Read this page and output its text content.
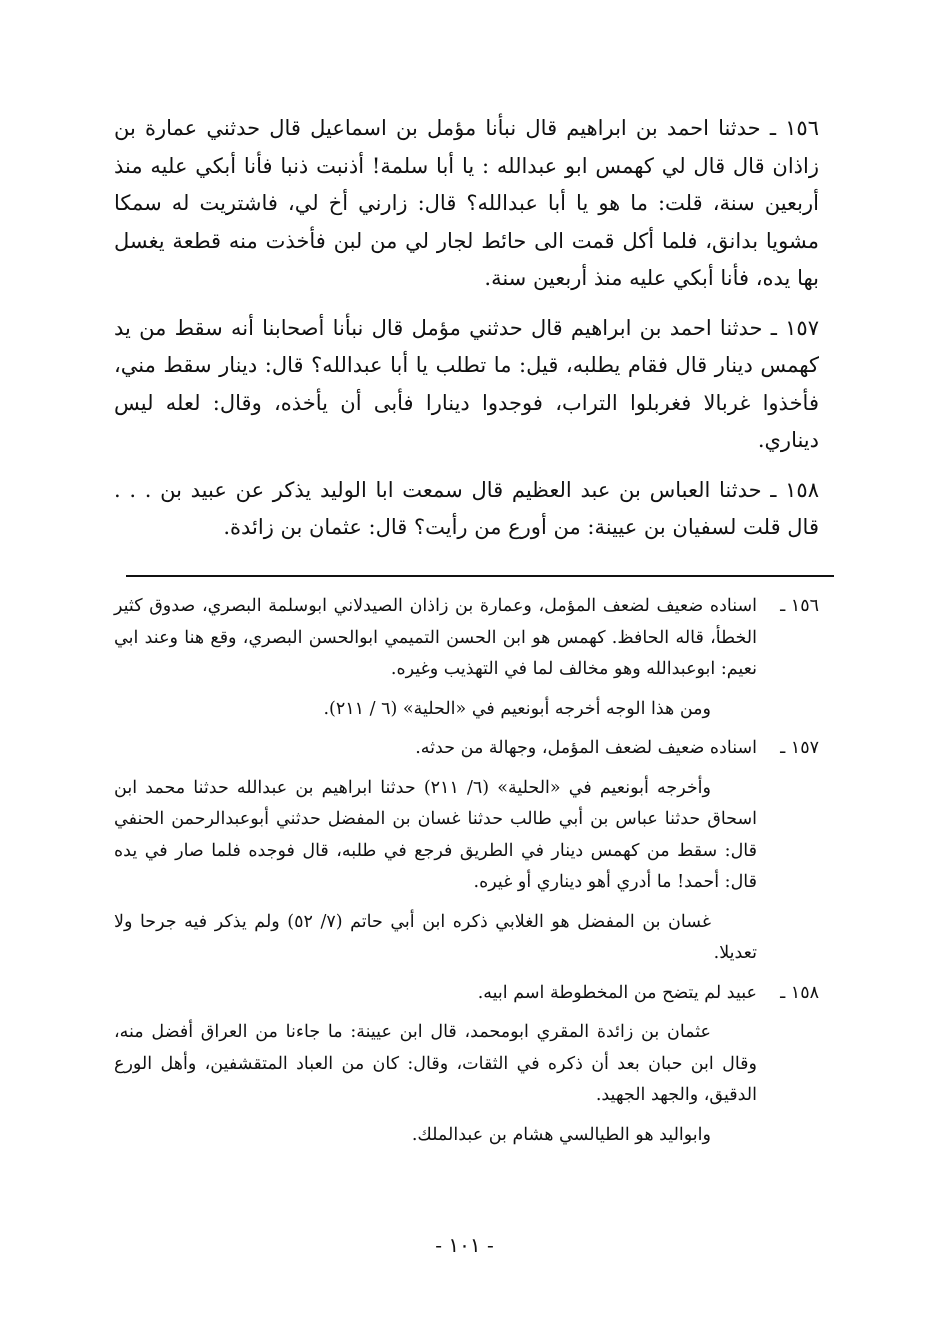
١٥٦ ـ حدثنا احمد بن ابراهيم قال نبأنا مؤمل بن اسماعيل قال حدثني عمارة بن زاذان قال قال لي كهمس ابو عبدالله : يا أبا سلمة! أذنبت ذنبا فأنا أبكي عليه منذ أربعين سنة، قلت: ما هو يا أبا عبدالله؟ قال: زارني أخ لي، فاشتريت له سمكا مشويا بدانق، فلما أكل قمت الى حائط لجار لي من لبن فأخذت منه قطعة يغسل بها يده، فأنا أبكي عليه منذ أربعين سنة.

١٥٧ ـ حدثنا احمد بن ابراهيم قال حدثني مؤمل قال نبأنا أصحابنا أنه سقط من يد كهمس دينار قال فقام يطلبه، قيل: ما تطلب يا أبا عبدالله؟ قال: دينار سقط مني، فأخذوا غربالا فغربلوا التراب، فوجدوا دينارا فأبى أن يأخذه، وقال: لعله ليس ديناري.

١٥٨ ـ حدثنا العباس بن عبد العظيم قال سمعت ابا الوليد يذكر عن عبيد بن . . . قال قلت لسفيان بن عيينة: من أورع من رأيت؟ قال: عثمان بن زائدة.

١٥٦ ـ
اسناده ضعيف لضعف المؤمل، وعمارة بن زاذان الصيدلاني ابوسلمة البصري، صدوق كثير الخطأ، قاله الحافظ. كهمس هو ابن الحسن التميمي ابوالحسن البصري، وقع هنا وعند ابي نعيم: ابوعبدالله وهو مخالف لما في التهذيب وغيره.
ومن هذا الوجه أخرجه أبونعيم في «الحلية» (٦ / ٢١١).
١٥٧ ـ
اسناده ضعيف لضعف المؤمل، وجهالة من حدثه.
وأخرجه أبونعيم في «الحلية» (٦/ ٢١١) حدثنا ابراهيم بن عبدالله حدثنا محمد ابن اسحاق حدثنا عباس بن أبي طالب حدثنا غسان بن المفضل حدثني أبوعبدالرحمن الحنفي قال: سقط من كهمس دينار في الطريق فرجع في طلبه، قال فوجده فلما صار في يده قال: أحمد! ما أدري أهو ديناري أو غيره.
غسان بن المفضل هو الغلابي ذكره ابن أبي حاتم (٧/ ٥٢) ولم يذكر فيه جرحا ولا تعديلا.
١٥٨ ـ
عبيد لم يتضح من المخطوطة اسم ابيه.
عثمان بن زائدة المقري ابومحمد، قال ابن عيينة: ما جاءنا من العراق أفضل منه، وقال ابن حبان بعد أن ذكره في الثقات، وقال: كان من العباد المتقشفين، وأهل الورع الدقيق، والجهد الجهيد.
وابواليد هو الطيالسي هشام بن عبدالملك.
- ١٠١ -
